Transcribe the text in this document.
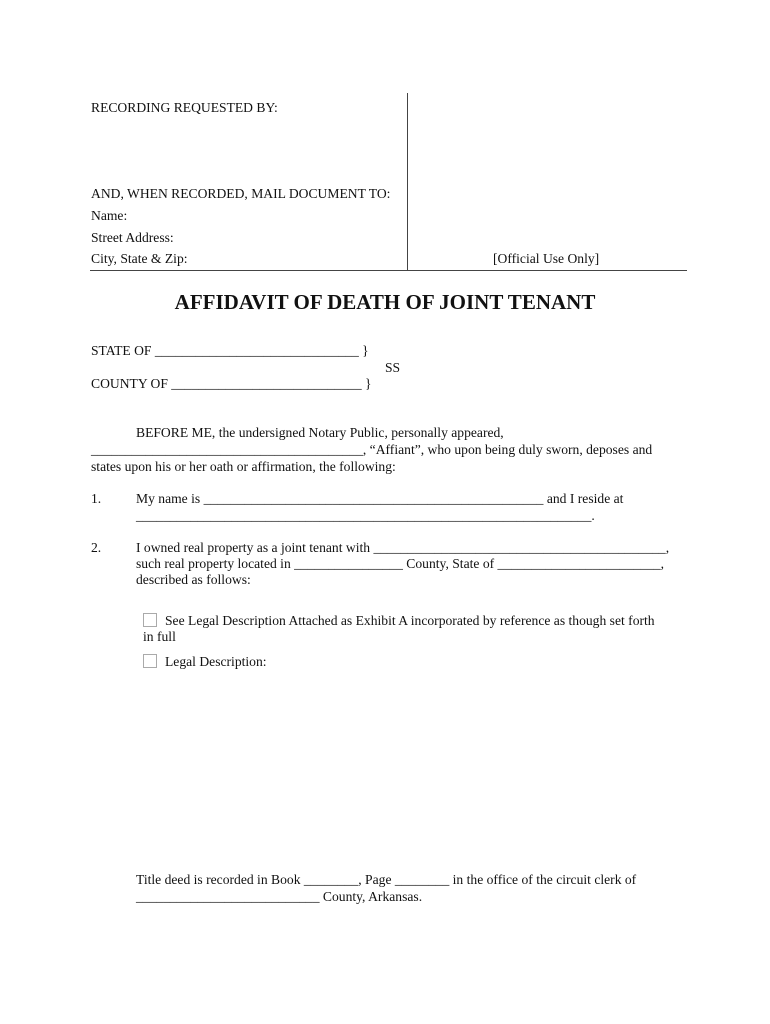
RECORDING REQUESTED BY:
AND, WHEN RECORDED, MAIL DOCUMENT TO:
Name:
Street Address:
City, State & Zip:	[Official Use Only]
AFFIDAVIT OF DEATH OF JOINT TENANT
STATE OF ______________________________ }
SS
COUNTY OF ____________________________ }
BEFORE ME, the undersigned Notary Public, personally appeared,
________________________________________, “Affiant”, who upon being duly sworn, deposes and
states upon his or her oath or affirmation, the following:
1.	My name is __________________________________________________ and I reside at
___________________________________________________________________.
2.	I owned real property as a joint tenant with ___________________________________________,
such real property located in ________________ County, State of ________________________,
described as follows:
See Legal Description Attached as Exhibit A incorporated by reference as though set forth
in full
Legal Description:
Title deed is recorded in Book ________, Page ________ in the office of the circuit clerk of
___________________________ County, Arkansas.
